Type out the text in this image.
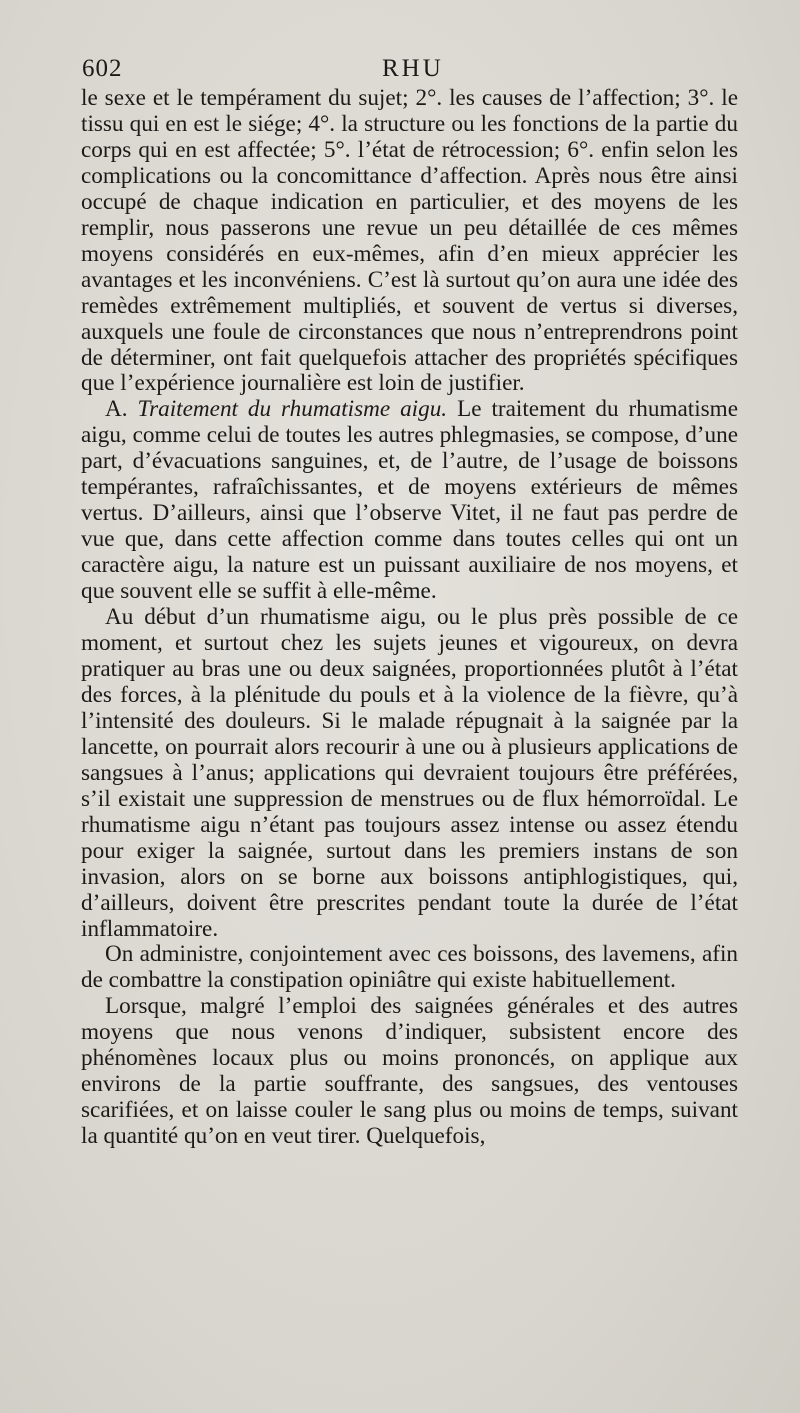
602	RHU

le sexe et le tempérament du sujet; 2°. les causes de l’affection; 3°. le tissu qui en est le siége; 4°. la structure ou les fonctions de la partie du corps qui en est affectée; 5°. l’état de rétrocession; 6°. enfin selon les complications ou la concomittance d’affection. Après nous être ainsi occupé de chaque indication en particulier, et des moyens de les remplir, nous passerons une revue un peu détaillée de ces mêmes moyens considérés en eux-mêmes, afin d’en mieux apprécier les avantages et les inconvéniens. C’est là surtout qu’on aura une idée des remèdes extrêmement multipliés, et souvent de vertus si diverses, auxquels une foule de circonstances que nous n’entreprendrons point de déterminer, ont fait quelquefois attacher des propriétés spécifiques que l’expérience journalière est loin de justifier.

A. Traitement du rhumatisme aigu. Le traitement du rhumatisme aigu, comme celui de toutes les autres phlegmasies, se compose, d’une part, d’évacuations sanguines, et, de l’autre, de l’usage de boissons tempérantes, rafraîchissantes, et de moyens extérieurs de mêmes vertus. D’ailleurs, ainsi que l’observe Vitet, il ne faut pas perdre de vue que, dans cette affection comme dans toutes celles qui ont un caractère aigu, la nature est un puissant auxiliaire de nos moyens, et que souvent elle se suffit à elle-même.

Au début d’un rhumatisme aigu, ou le plus près possible de ce moment, et surtout chez les sujets jeunes et vigoureux, on devra pratiquer au bras une ou deux saignées, proportionnées plutôt à l’état des forces, à la plénitude du pouls et à la violence de la fièvre, qu’à l’intensité des douleurs. Si le malade répugnait à la saignée par la lancette, on pourrait alors recourir à une ou à plusieurs applications de sangsues à l’anus; applications qui devraient toujours être préférées, s’il existait une suppression de menstrues ou de flux hémorroïdal. Le rhumatisme aigu n’étant pas toujours assez intense ou assez étendu pour exiger la saignée, surtout dans les premiers instans de son invasion, alors on se borne aux boissons antiphlogistiques, qui, d’ailleurs, doivent être prescrites pendant toute la durée de l’état inflammatoire.

On administre, conjointement avec ces boissons, des lavemens, afin de combattre la constipation opiniâtre qui existe habituellement.

Lorsque, malgré l’emploi des saignées générales et des autres moyens que nous venons d’indiquer, subsistent encore des phénomènes locaux plus ou moins prononcés, on applique aux environs de la partie souffrante, des sangsues, des ventouses scarifiées, et on laisse couler le sang plus ou moins de temps, suivant la quantité qu’on en veut tirer. Quelquefois,
